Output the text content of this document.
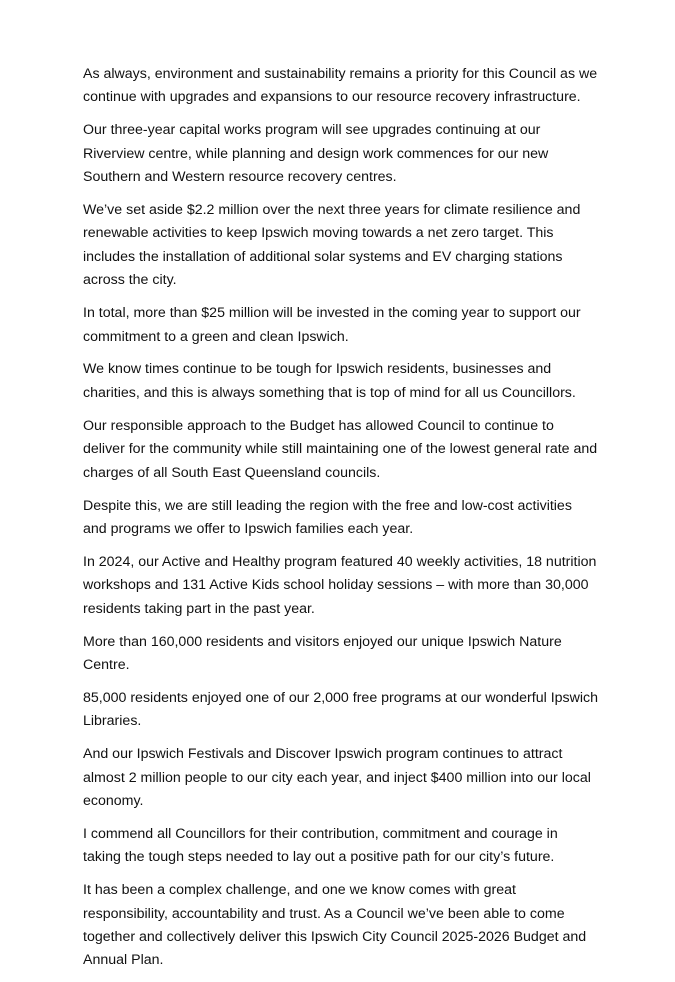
As always, environment and sustainability remains a priority for this Council as we continue with upgrades and expansions to our resource recovery infrastructure.

Our three-year capital works program will see upgrades continuing at our Riverview centre, while planning and design work commences for our new Southern and Western resource recovery centres.

We’ve set aside $2.2 million over the next three years for climate resilience and renewable activities to keep Ipswich moving towards a net zero target. This includes the installation of additional solar systems and EV charging stations across the city.

In total, more than $25 million will be invested in the coming year to support our commitment to a green and clean Ipswich.

We know times continue to be tough for Ipswich residents, businesses and charities, and this is always something that is top of mind for all us Councillors.

Our responsible approach to the Budget has allowed Council to continue to deliver for the community while still maintaining one of the lowest general rate and charges of all South East Queensland councils.

Despite this, we are still leading the region with the free and low-cost activities and programs we offer to Ipswich families each year.

In 2024, our Active and Healthy program featured 40 weekly activities, 18 nutrition workshops and 131 Active Kids school holiday sessions – with more than 30,000 residents taking part in the past year.

More than 160,000 residents and visitors enjoyed our unique Ipswich Nature Centre.

85,000 residents enjoyed one of our 2,000 free programs at our wonderful Ipswich Libraries.

And our Ipswich Festivals and Discover Ipswich program continues to attract almost 2 million people to our city each year, and inject $400 million into our local economy.

I commend all Councillors for their contribution, commitment and courage in taking the tough steps needed to lay out a positive path for our city’s future.

It has been a complex challenge, and one we know comes with great responsibility, accountability and trust. As a Council we’ve been able to come together and collectively deliver this Ipswich City Council 2025-2026 Budget and Annual Plan.
